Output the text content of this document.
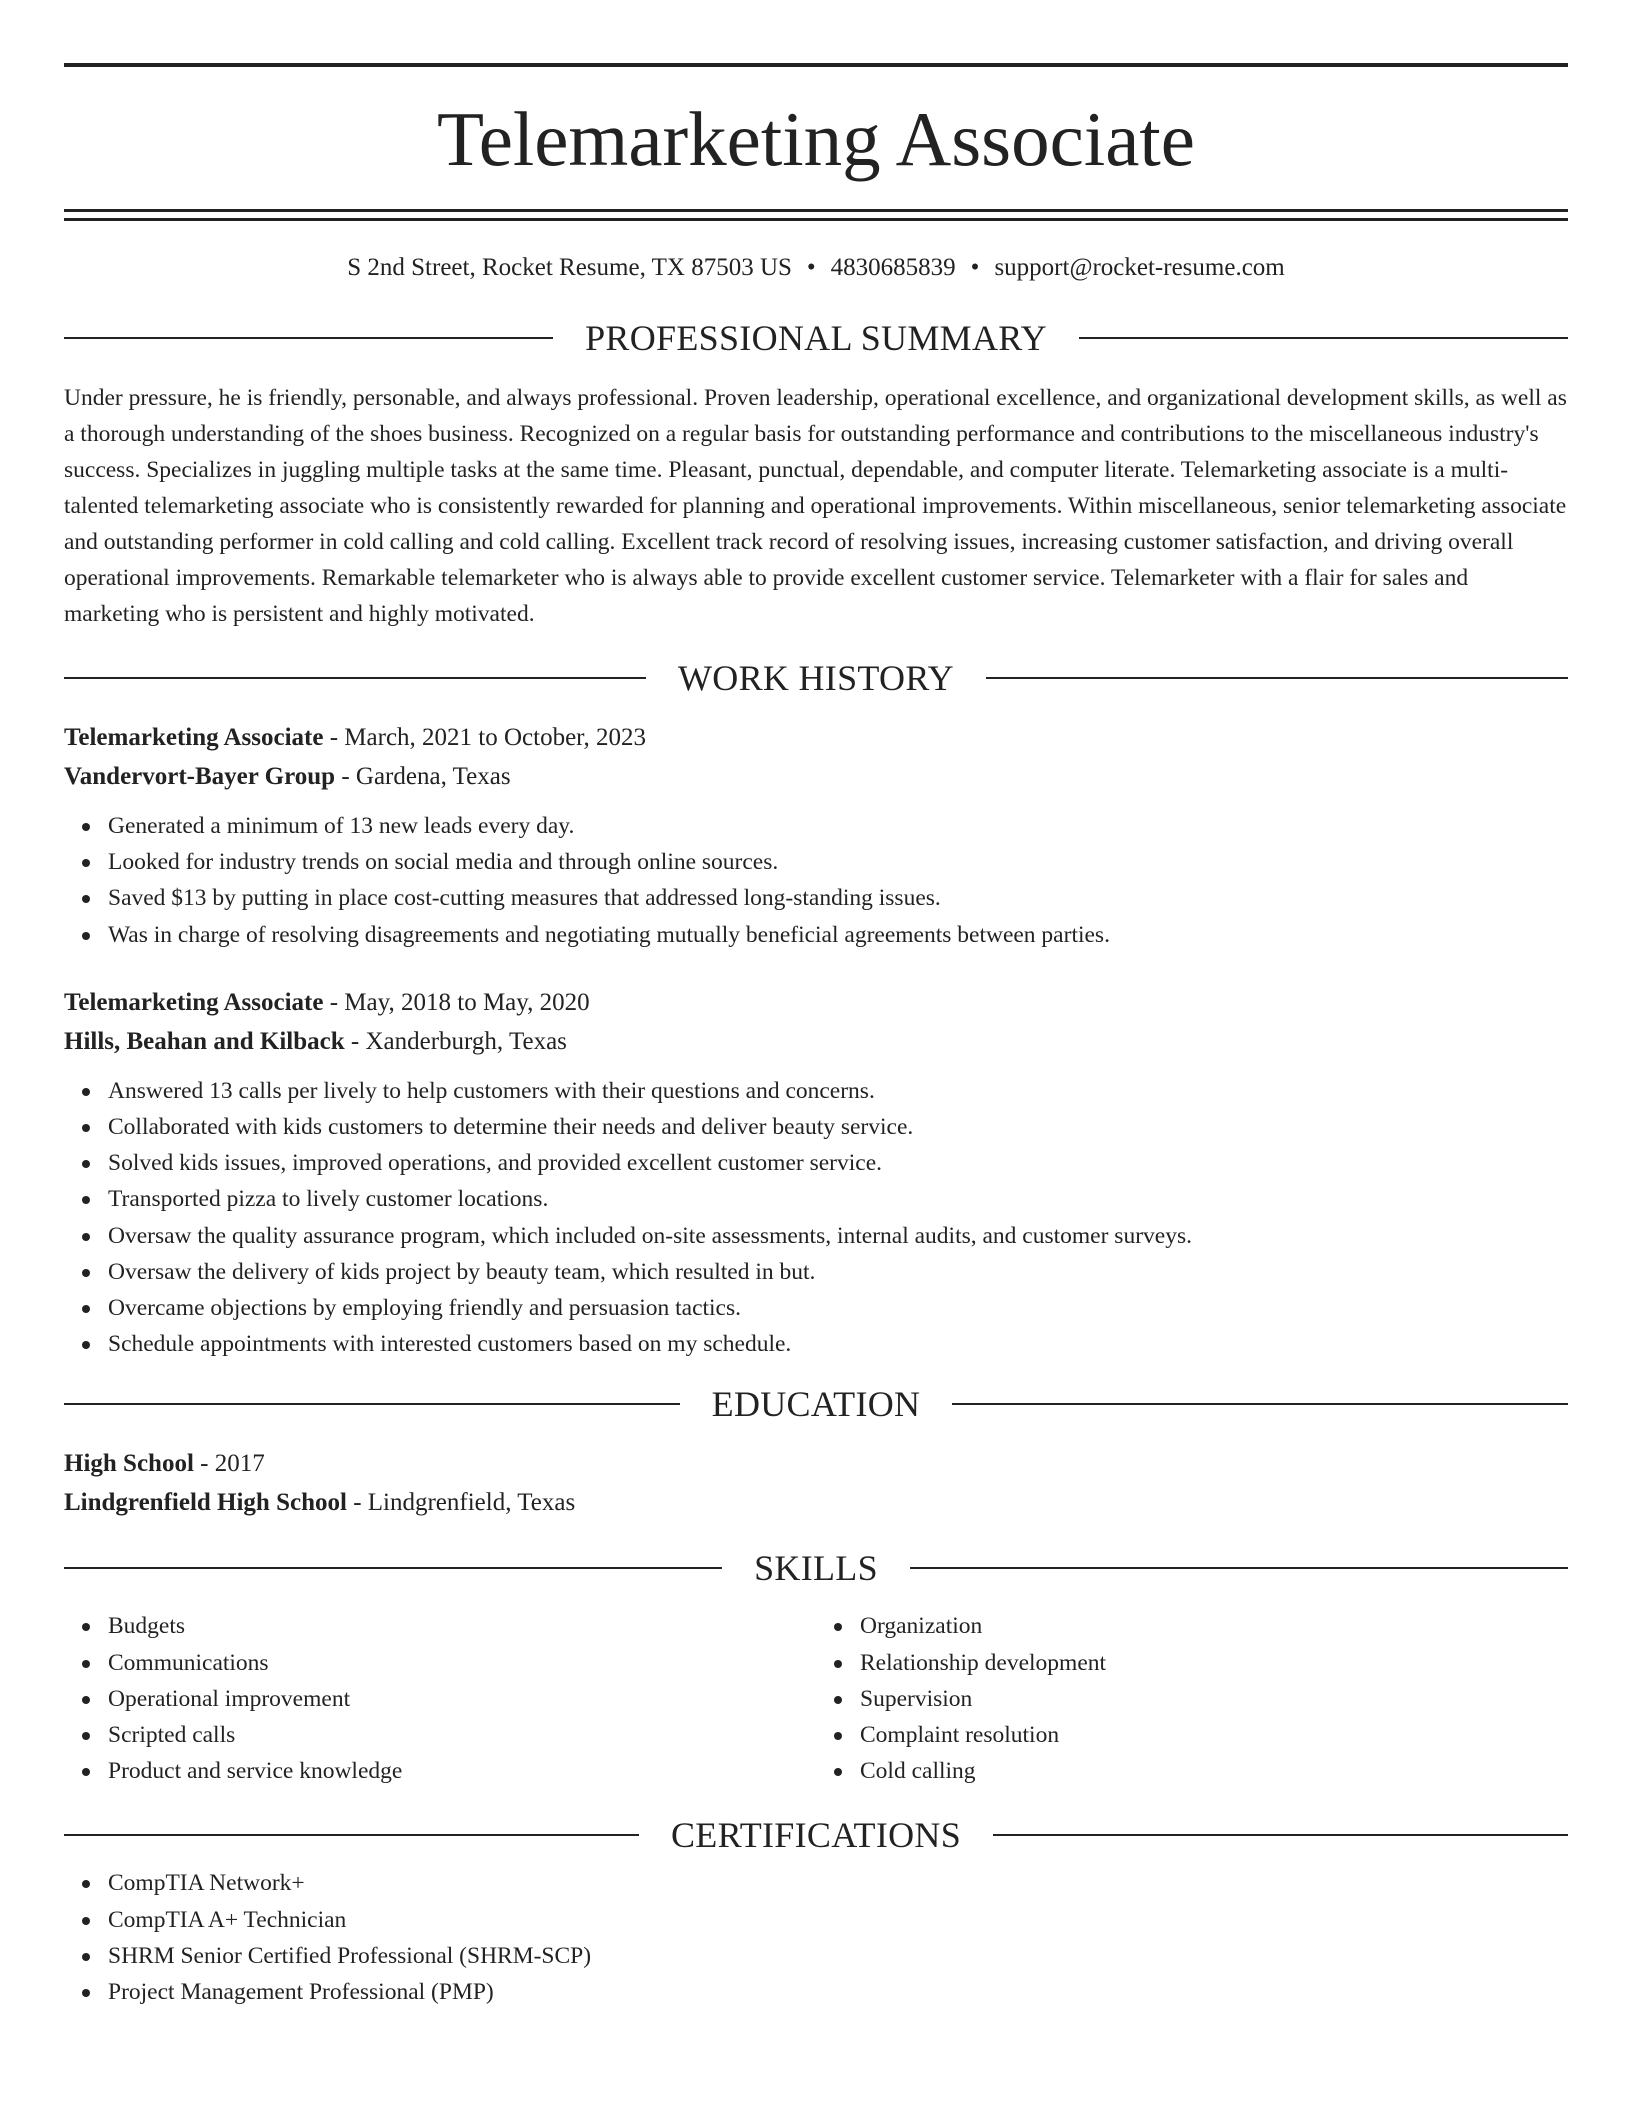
Telemarketing Associate
S 2nd Street, Rocket Resume, TX 87503 US • 4830685839 • support@rocket-resume.com
PROFESSIONAL SUMMARY

Under pressure, he is friendly, personable, and always professional. Proven leadership, operational excellence, and organizational development skills, as well as a thorough understanding of the shoes business. Recognized on a regular basis for outstanding performance and contributions to the miscellaneous industry's success. Specializes in juggling multiple tasks at the same time. Pleasant, punctual, dependable, and computer literate. Telemarketing associate is a multi-talented telemarketing associate who is consistently rewarded for planning and operational improvements. Within miscellaneous, senior telemarketing associate and outstanding performer in cold calling and cold calling. Excellent track record of resolving issues, increasing customer satisfaction, and driving overall operational improvements. Remarkable telemarketer who is always able to provide excellent customer service. Telemarketer with a flair for sales and marketing who is persistent and highly motivated.

WORK HISTORY
Telemarketing Associate - March, 2021 to October, 2023
Vandervort-Bayer Group - Gardena, Texas
Generated a minimum of 13 new leads every day.
Looked for industry trends on social media and through online sources.
Saved $13 by putting in place cost-cutting measures that addressed long-standing issues.
Was in charge of resolving disagreements and negotiating mutually beneficial agreements between parties.
Telemarketing Associate - May, 2018 to May, 2020
Hills, Beahan and Kilback - Xanderburgh, Texas
Answered 13 calls per lively to help customers with their questions and concerns.
Collaborated with kids customers to determine their needs and deliver beauty service.
Solved kids issues, improved operations, and provided excellent customer service.
Transported pizza to lively customer locations.
Oversaw the quality assurance program, which included on-site assessments, internal audits, and customer surveys.
Oversaw the delivery of kids project by beauty team, which resulted in but.
Overcame objections by employing friendly and persuasion tactics.
Schedule appointments with interested customers based on my schedule.
EDUCATION
High School - 2017
Lindgrenfield High School - Lindgrenfield, Texas
SKILLS
Budgets
Communications
Operational improvement
Scripted calls
Product and service knowledge
Organization
Relationship development
Supervision
Complaint resolution
Cold calling
CERTIFICATIONS
CompTIA Network+
CompTIA A+ Technician
SHRM Senior Certified Professional (SHRM-SCP)
Project Management Professional (PMP)
